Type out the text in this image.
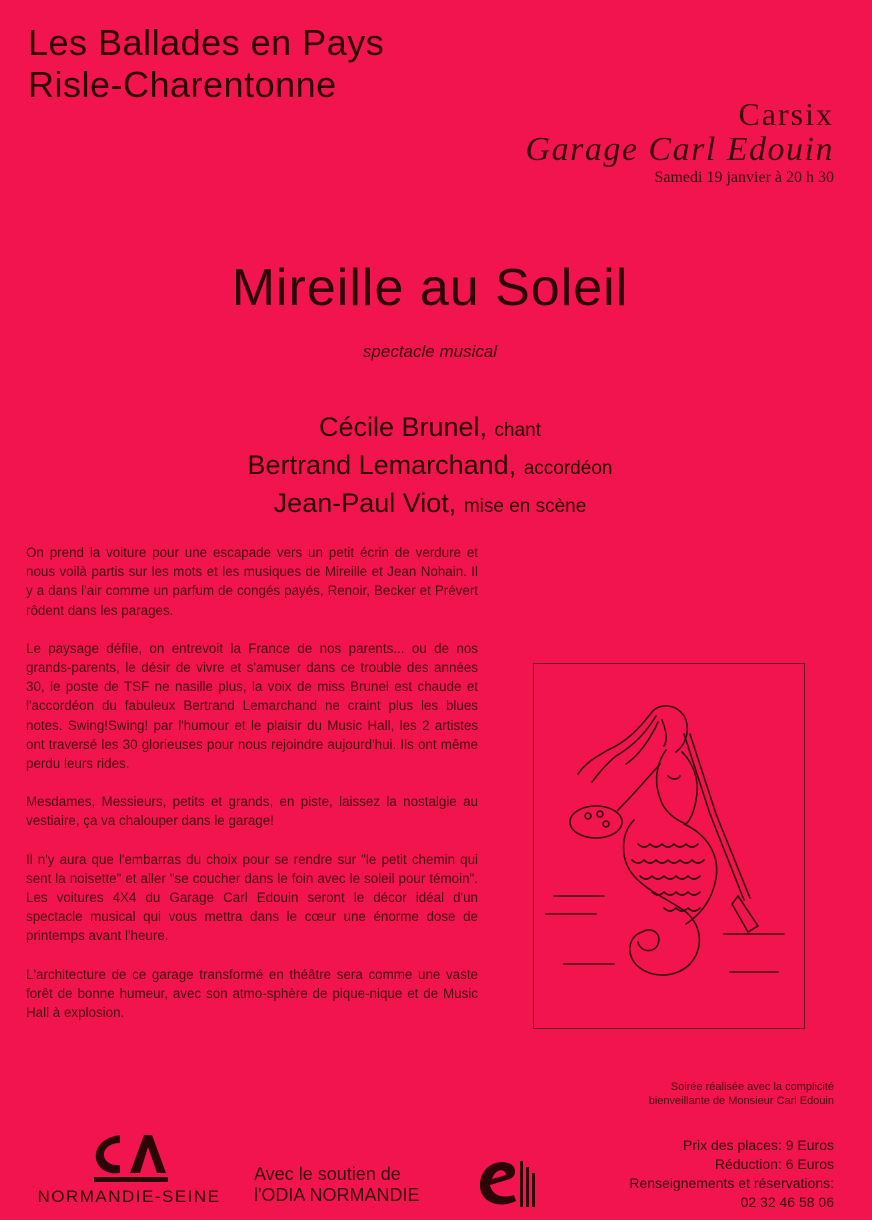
Les Ballades en Pays
Risle-Charentonne
Carsix
Garage Carl Edouin
Samedi 19 janvier à 20 h 30
Mireille au Soleil
spectacle musical
Cécile Brunel, chant
Bertrand Lemarchand, accordéon
Jean-Paul Viot, mise en scène

On prend la voiture pour une escapade vers un petit écrin de verdure et nous voilà partis sur les mots et les musiques de Mireille et Jean Nohain. Il y a dans l'air comme un parfum de congés payés, Renoir, Becker et Prévert rôdent dans les parages.

Le paysage défile, on entrevoit la France de nos parents... ou de nos grands-parents, le désir de vivre et s'amuser dans ce trouble des années 30, le poste de TSF ne nasille plus, la voix de miss Brunel est chaude et l'accordéon du fabuleux Bertrand Lemarchand ne craint plus les blues notes. Swing!Swing! par l'humour et le plaisir du Music Hall, les 2 artistes ont traversé les 30 glorieuses pour nous rejoindre aujourd'hui. Ils ont même perdu leurs rides.

Mesdames, Messieurs, petits et grands, en piste, laissez la nostalgie au vestiaire, ça va chalouper dans le garage!

Il n'y aura que l'embarras du choix pour se rendre sur "le petit chemin qui sent la noisette" et aller "se coucher dans le foin avec le soleil pour témoin". Les voitures 4X4 du Garage Carl Edouin seront le décor idéal d'un spectacle musical qui vous mettra dans le cœur une énorme dose de printemps avant l'heure.

L'architecture de ce garage transformé en théâtre sera comme une vaste forêt de bonne humeur, avec son atmo-sphère de pique-nique et de Music Hall à explosion.

Soirée réalisée avec la complicité
bienveillante de Monsieur Carl Edouin
Prix des places: 9 Euros
Réduction: 6 Euros
Renseignements et réservations:
02 32 46 58 06
NORMANDIE-SEINE
Avec le soutien de
l'ODIA NORMANDIE
